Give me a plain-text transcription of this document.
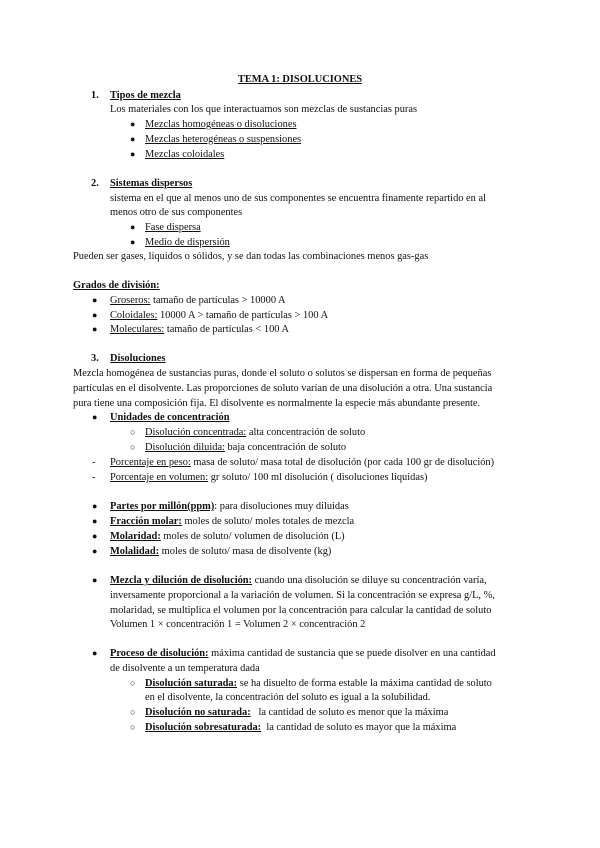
TEMA 1: DISOLUCIONES
1. Tipos de mezcla
Los materiales con los que interactuamos son mezclas de sustancias puras
● Mezclas homogéneas o disoluciones
● Mezclas heterogéneas o suspensiones
● Mezclas coloidales
2. Sistemas dispersos
sistema en el que al menos uno de sus componentes se encuentra finamente repartido en al
menos otro de sus componentes
● Fase dispersa
● Medio de dispersión
Pueden ser gases, líquidos o sólidos, y se dan todas las combinaciones menos gas-gas
Grados de división:
● Groseros: tamaño de partículas > 10000 A
● Coloidales: 10000 A > tamaño de partículas > 100 A
● Moleculares: tamaño de partículas < 100 A
3. Disoluciones
Mezcla homogénea de sustancias puras, donde el soluto o solutos se dispersan en forma de pequeñas
partículas en el disolvente. Las proporciones de soluto varían de una disolución a otra. Una sustancia
pura tiene una composición fija. El disolvente es normalmente la especie más abundante presente.
● Unidades de concentración
○ Disolución concentrada: alta concentración de soluto
○ Disolución diluida: baja concentración de soluto
- Porcentaje en peso: masa de soluto/ masa total de disolución (por cada 100 gr de disolución)
- Porcentaje en volumen: gr soluto/ 100 ml disolución ( disoluciones líquidas)
● Partes por millón(ppm): para disoluciones muy diluidas
● Fracción molar: moles de soluto/ moles totales de mezcla
● Molaridad: moles de soluto/ volumen de disolución (L)
● Molalidad: moles de soluto/ masa de disolvente (kg)
● Mezcla y dilución de disolución: cuando una disolución se diluye su concentración varía,
inversamente proporcional a la variación de volumen. Si la concentración se expresa g/L, %,
molaridad, se multiplica el volumen por la concentración para calcular la cantidad de soluto
Volumen 1 × concentración 1 = Volumen 2 × concentración 2
● Proceso de disolución: máxima cantidad de sustancia que se puede disolver en una cantidad
de disolvente a un temperatura dada
○ Disolución saturada: se ha disuelto de forma estable la máxima cantidad de soluto
en el disolvente, la concentración del soluto es igual a la solubilidad.
○ Disolución no saturada:   la cantidad de soluto es menor que la máxima
○ Disolución sobresaturada:  la cantidad de soluto es mayor que la máxima
